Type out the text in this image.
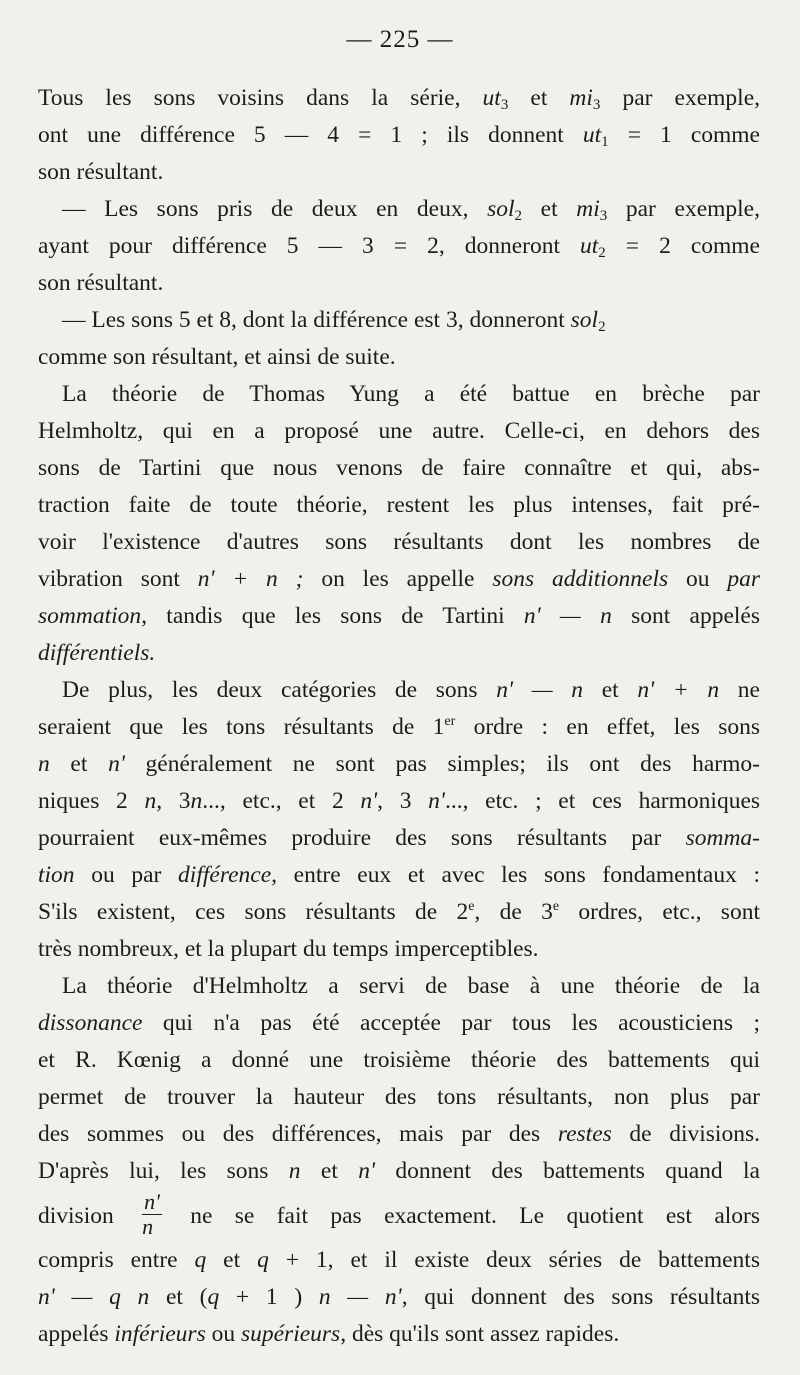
— 225 —
Tous les sons voisins dans la série, $ut_3$ et $mi_3$ par exemple,
ont une différence 5 — 4 = 1 ; ils donnent $ut_1 = 1$ comme
son résultant.
— Les sons pris de deux en deux, sol$_2$ et $mi_3$ par exemple,
ayant pour différence 5 — 3 = 2, donneront $ut_2 = 2$ comme
son résultant.
— Les sons 5 et 8, dont la différence est 3, donneront sol$_2$
comme son résultant, et ainsi de suite.
La théorie de Thomas Yung a été battue en brèche par
Helmholtz, qui en a proposé une autre. Celle-ci, en dehors des
sons de Tartini que nous venons de faire connaître et qui, abs-
traction faite de toute théorie, restent les plus intenses, fait pré-
voir l'existence d'autres sons résultants dont les nombres de
vibration sont n' + n ; on les appelle sons additionnels ou par
sommation, tandis que les sons de Tartini n' — n sont appelés
différentiels.
De plus, les deux catégories de sons n' — n et n' + n ne
seraient que les tons résultants de 1er ordre : en effet, les sons
n et n' généralement ne sont pas simples; ils ont des harmo-
niques 2 n, 3n..., etc., et 2 n', 3 n'..., etc. ; et ces harmoniques
pourraient eux-mêmes produire des sons résultants par somma-
tion ou par différence, entre eux et avec les sons fondamentaux :
S'ils existent, ces sons résultants de 2e, de 3e ordres, etc., sont
très nombreux, et la plupart du temps imperceptibles.
La théorie d'Helmholtz a servi de base à une théorie de la
dissonance qui n'a pas été acceptée par tous les acousticiens ;
et R. Kœnig a donné une troisième théorie des battements qui
permet de trouver la hauteur des tons résultants, non plus par
des sommes ou des différences, mais par des restes de divisions.
D'après lui, les sons n et n' donnent des battements quand la
division $\frac{n'}{n}$ ne se fait pas exactement. Le quotient est alors
compris entre q et q + 1, et il existe deux séries de battements
n' — q n et (q + 1 ) n — n', qui donnent des sons résultants
appelés inférieurs ou supérieurs, dès qu'ils sont assez rapides.
